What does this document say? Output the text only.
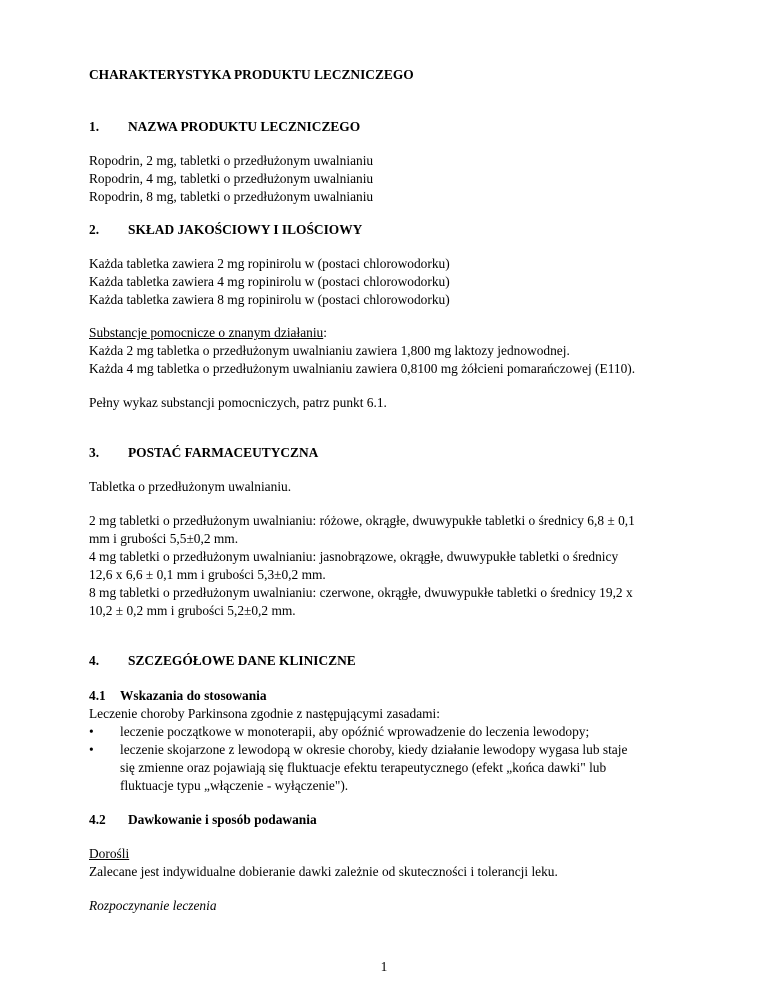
CHARAKTERYSTYKA PRODUKTU LECZNICZEGO
1. NAZWA PRODUKTU LECZNICZEGO
Ropodrin, 2 mg, tabletki o przedłużonym uwalnianiu
Ropodrin, 4 mg, tabletki o przedłużonym uwalnianiu
Ropodrin, 8 mg, tabletki o przedłużonym uwalnianiu
2. SKŁAD JAKOŚCIOWY I ILOŚCIOWY
Każda tabletka zawiera 2 mg ropinirolu w (postaci chlorowodorku)
Każda tabletka zawiera 4 mg ropinirolu w (postaci chlorowodorku)
Każda tabletka zawiera 8 mg ropinirolu w (postaci chlorowodorku)
Substancje pomocnicze o znanym działaniu:
Każda 2 mg tabletka o przedłużonym uwalnianiu zawiera 1,800 mg laktozy jednowodnej.
Każda 4 mg tabletka o przedłużonym uwalnianiu zawiera 0,8100 mg żółcieni pomarańczowej (E110).
Pełny wykaz substancji pomocniczych, patrz punkt 6.1.
3. POSTAĆ FARMACEUTYCZNA
Tabletka o przedłużonym uwalnianiu.
2 mg tabletki o przedłużonym uwalnianiu: różowe, okrągłe, dwuwypukłe tabletki o średnicy 6,8 ± 0,1
mm i grubości 5,5±0,2 mm.
4 mg tabletki o przedłużonym uwalnianiu: jasnobrązowe, okrągłe, dwuwypukłe tabletki o średnicy
12,6 x 6,6 ± 0,1 mm i grubości 5,3±0,2 mm.
8 mg tabletki o przedłużonym uwalnianiu: czerwone, okrągłe, dwuwypukłe tabletki o średnicy 19,2 x
10,2 ± 0,2 mm i grubości 5,2±0,2 mm.
4. SZCZEGÓŁOWE DANE KLINICZNE
4.1 Wskazania do stosowania
Leczenie choroby Parkinsona zgodnie z następującymi zasadami:
• leczenie początkowe w monoterapii, aby opóźnić wprowadzenie do leczenia lewodopy;
• leczenie skojarzone z lewodopą w okresie choroby, kiedy działanie lewodopy wygasa lub staje
się zmienne oraz pojawiają się fluktuacje efektu terapeutycznego (efekt „końca dawki" lub
fluktuacje typu „włączenie - wyłączenie").
4.2 Dawkowanie i sposób podawania
Dorośli
Zalecane jest indywidualne dobieranie dawki zależnie od skuteczności i tolerancji leku.
Rozpoczynanie leczenia
1
